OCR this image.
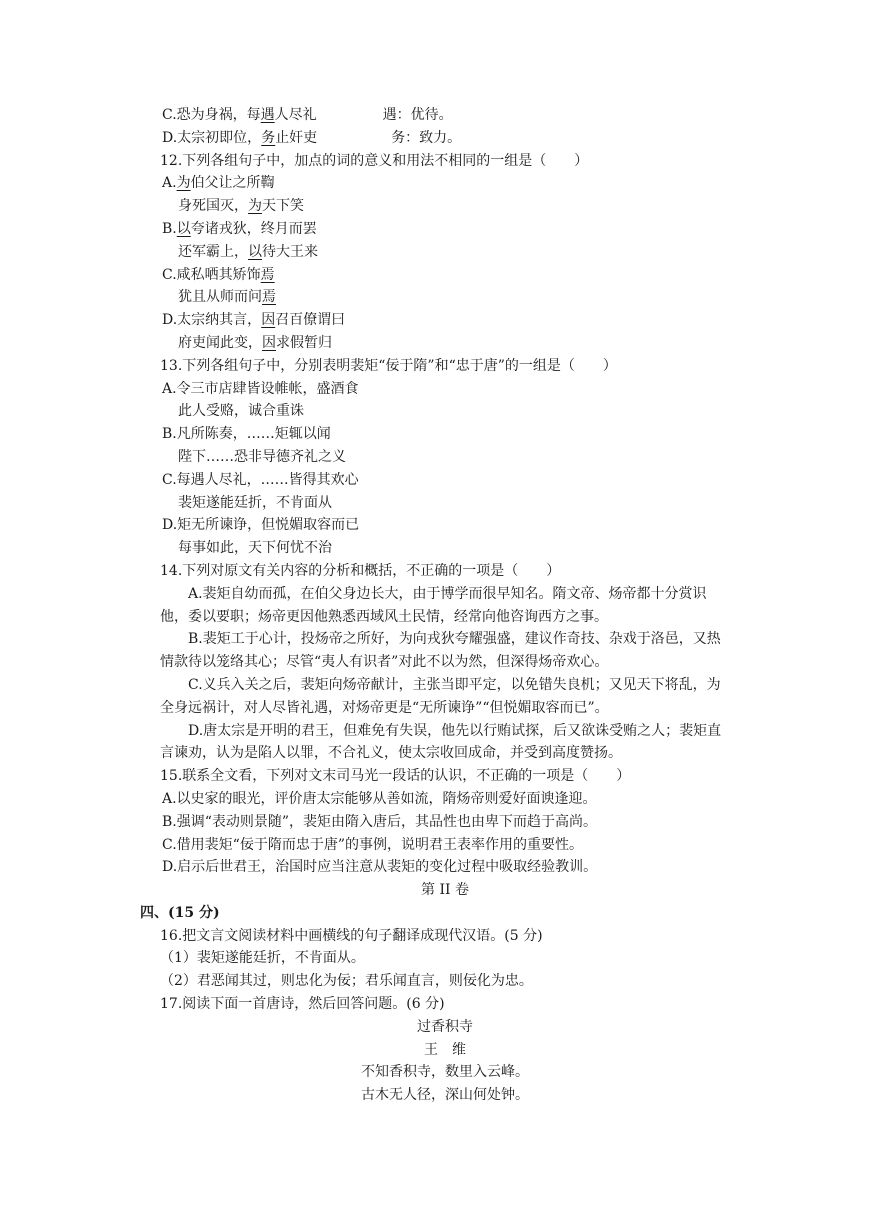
C.恐为身祸，每遇人尽礼	遇：优待。
D.太宗初即位，务止奸吏	务：致力。
12.下列各组句子中，加点的词的意义和用法不相同的一组是（　　）
A.为伯父让之所鞫
身死国灭，为天下笑
B.以夸诸戎狄，终月而罢
还军霸上，以待大王来
C.咸私哂其矫饰焉
犹且从师而问焉
D.太宗纳其言，因召百僚谓曰
府吏闻此变，因求假暂归
13.下列各组句子中，分别表明裴矩“佞于隋”和“忠于唐”的一组是（　　）
A.令三市店肆皆设帷帐，盛酒食
此人受赂，诚合重诛
B.凡所陈奏，……矩辄以闻
陛下……恐非导德齐礼之义
C.每遇人尽礼，……皆得其欢心
裴矩遂能廷折，不肯面从
D.矩无所谏诤，但悦媚取容而已
每事如此，天下何忧不治
14.下列对原文有关内容的分析和概括，不正确的一项是（　　）
A.裴矩自幼而孤，在伯父身边长大，由于博学而很早知名。隋文帝、炀帝都十分赏识他，委以要职；炀帝更因他熟悉西域风土民情，经常向他咨询西方之事。
B.裴矩工于心计，投炀帝之所好，为向戎狄夸耀强盛，建议作奇技、杂戏于洛邑，又热情款待以笼络其心；尽管“夷人有识者”对此不以为然，但深得炀帝欢心。
C.义兵入关之后，裴矩向炀帝献计，主张当即平定，以免错失良机；又见天下将乱，为全身远祸计，对人尽皆礼遇，对炀帝更是“无所谏诤”“但悦媚取容而已”。
D.唐太宗是开明的君王，但难免有失误，他先以行贿试探，后又欲诛受贿之人；裴矩直言谏劝，认为是陷人以罪，不合礼义，使太宗收回成命，并受到高度赞扬。
15.联系全文看，下列对文末司马光一段话的认识，不正确的一项是（　　）
A.以史家的眼光，评价唐太宗能够从善如流，隋炀帝则爱好面谀逢迎。
B.强调“表动则景随”，裴矩由隋入唐后，其品性也由卑下而趋于高尚。
C.借用裴矩“佞于隋而忠于唐”的事例，说明君王表率作用的重要性。
D.启示后世君王，治国时应当注意从裴矩的变化过程中吸取经验教训。
第 II 卷
四、(15 分)
16.把文言文阅读材料中画横线的句子翻译成现代汉语。(5 分)
（1）裴矩遂能廷折，不肯面从。
（2）君恶闻其过，则忠化为佞；君乐闻直言，则佞化为忠。
17.阅读下面一首唐诗，然后回答问题。(6 分)
过香积寺
王　维
不知香积寺，数里入云峰。
古木无人径，深山何处钟。
